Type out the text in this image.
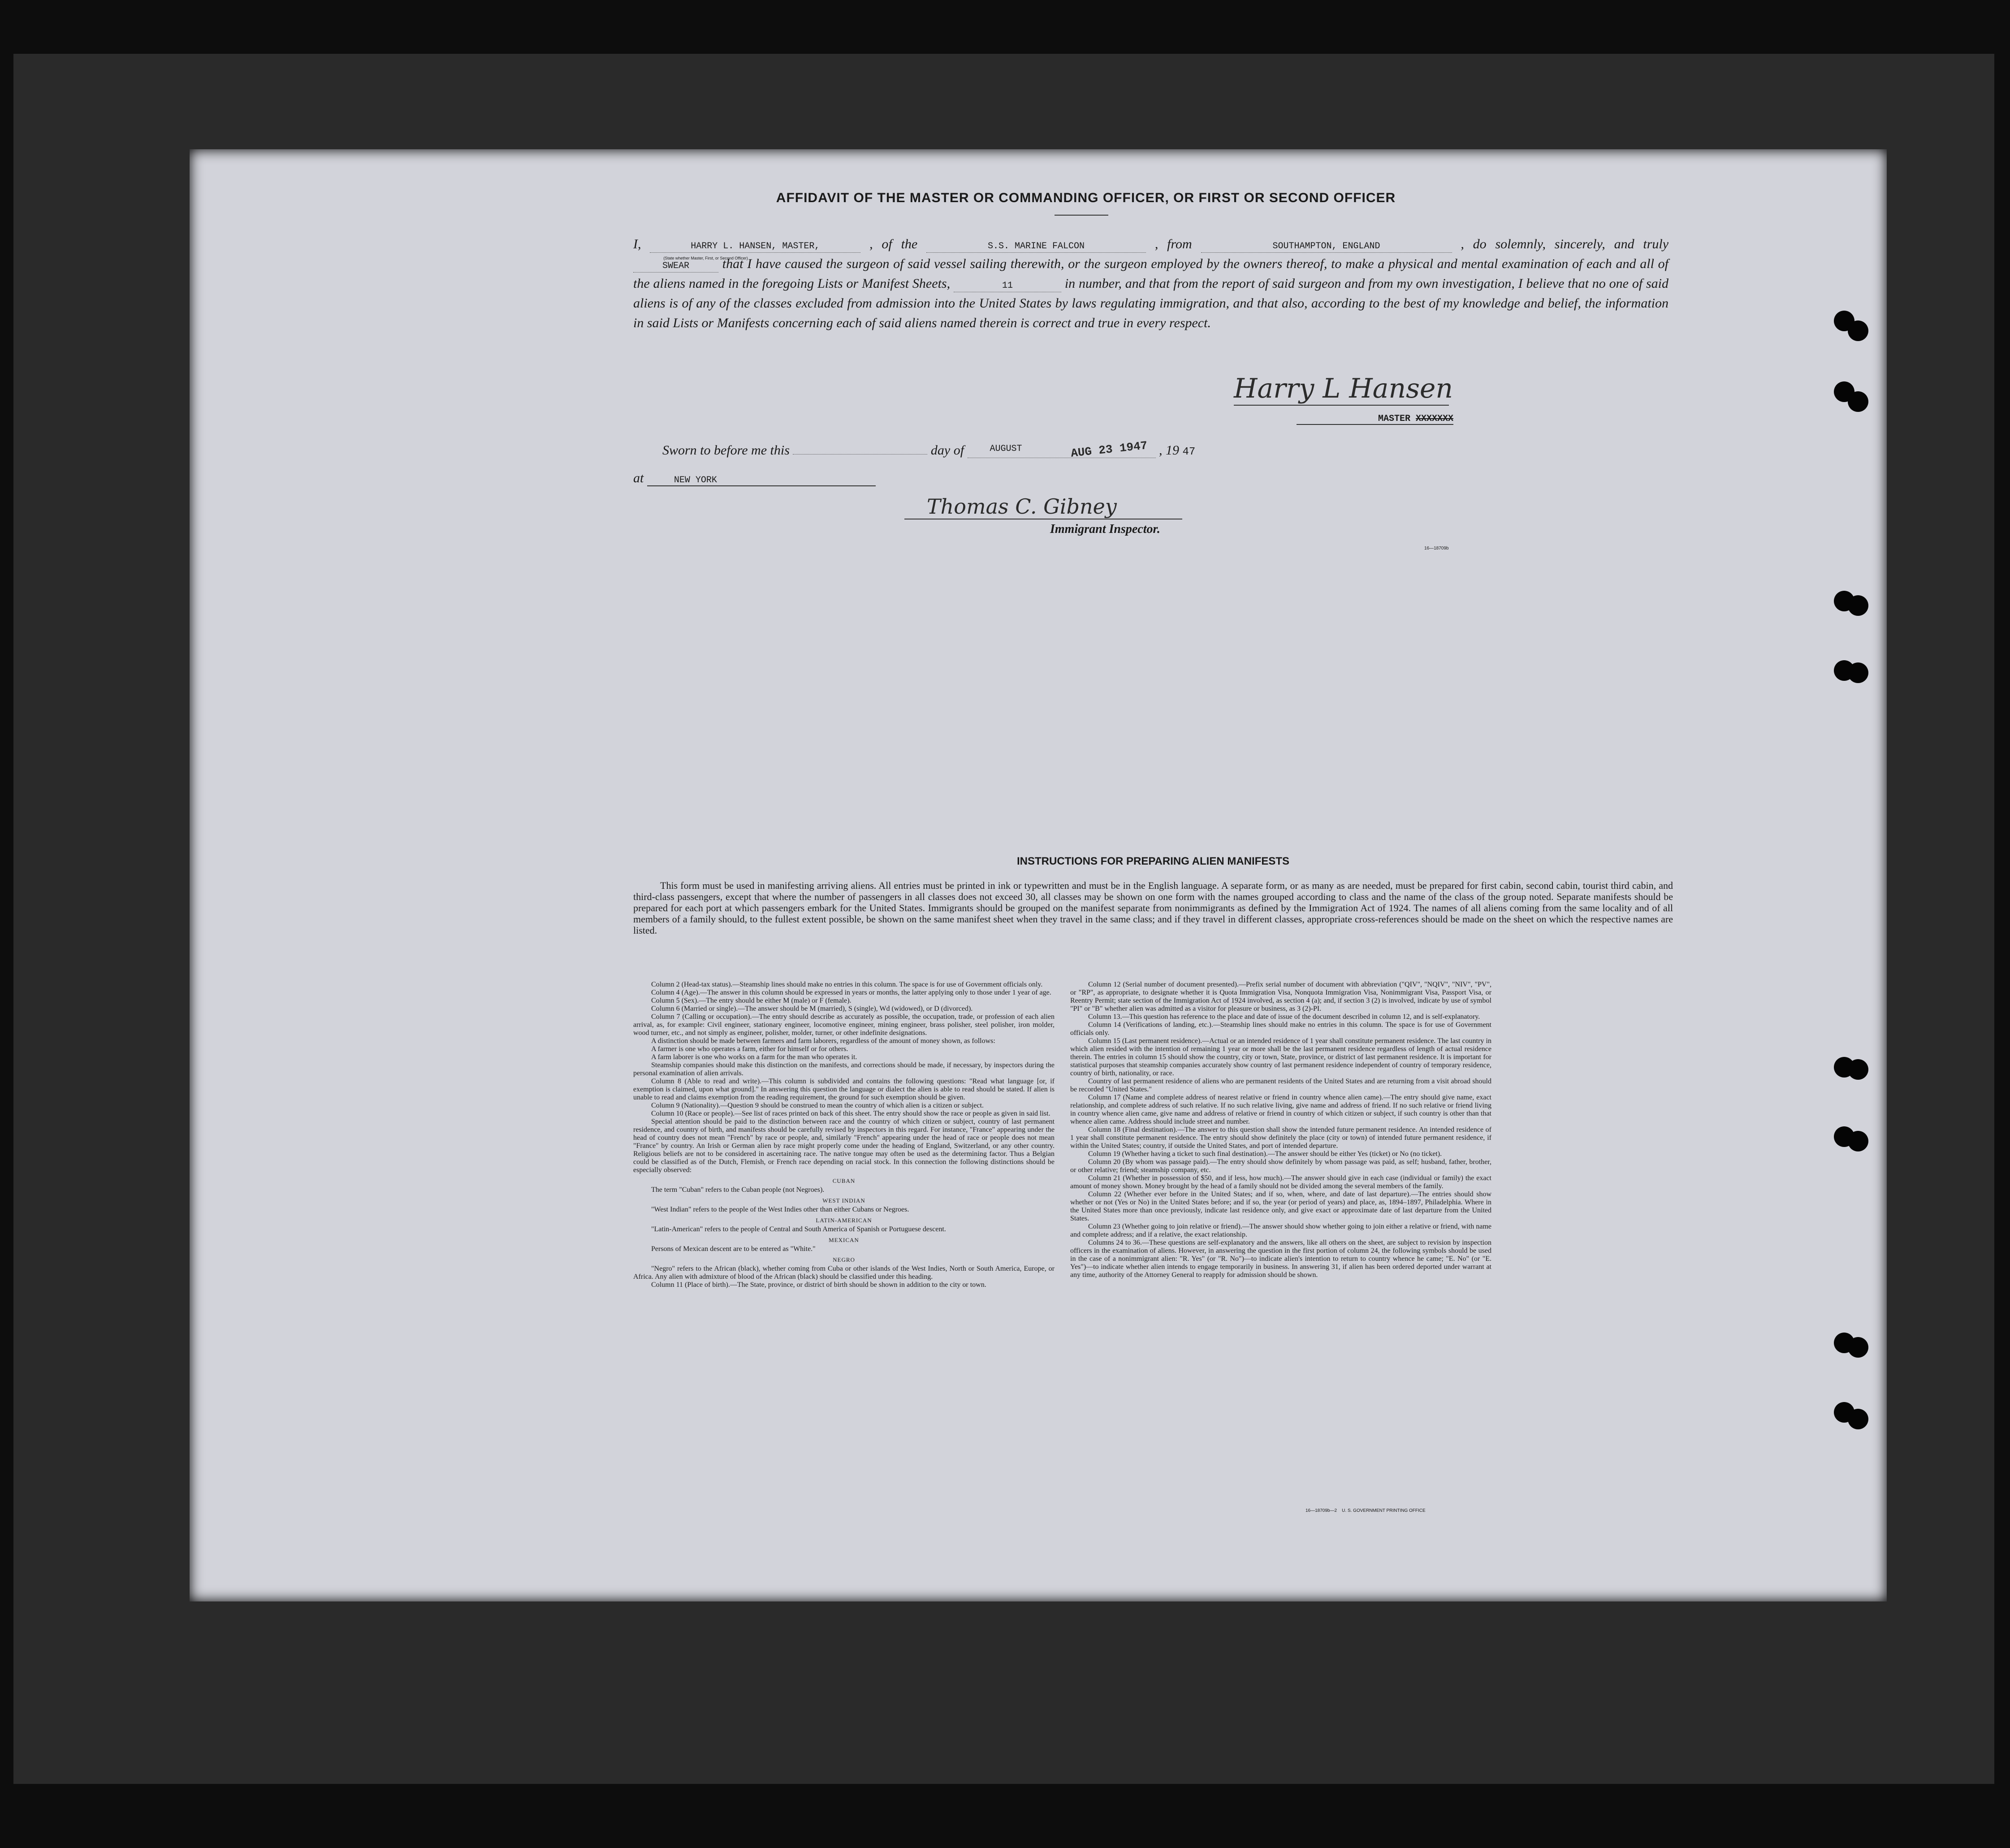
AFFIDAVIT OF THE MASTER OR COMMANDING OFFICER, OR FIRST OR SECOND OFFICER
I,	HARRY L. HANSEN, MASTER,
(State whether Master, First, or Second Officer)
, of the	S.S. MARINE FALCON	, from	SOUTHAMPTON, ENGLAND	, do solemnly, sincerely, and truly SWEAR that I have caused the surgeon of said vessel sailing therewith, or the surgeon employed by the owners thereof, to make a physical and mental examination of each and all of the aliens named in the foregoing Lists or Manifest Sheets,	11	in number, and that from the report of said surgeon and from my own investigation, I believe that no one of said aliens is of any of the classes excluded from admission into the United States by laws regulating immigration, and that also, according to the best of my knowledge and belief, the information in said Lists or Manifests concerning each of said aliens named therein is correct and true in every respect.
Harry L Hansen
MASTER XXXXXXX
Sworn to before me this	day of	AUGUST	AUG 23 1947 , 19 47
at	NEW YORK
Thomas C. Gibney
Immigrant Inspector.
16—18709b
INSTRUCTIONS FOR PREPARING ALIEN MANIFESTS
This form must be used in manifesting arriving aliens. All entries must be printed in ink or typewritten and must be in the English language. A separate form, or as many as are needed, must be prepared for first cabin, second cabin, tourist third cabin, and third-class passengers, except that where the number of passengers in all classes does not exceed 30, all classes may be shown on one form with the names grouped according to class and the name of the class of the group noted. Separate manifests should be prepared for each port at which passengers embark for the United States. Immigrants should be grouped on the manifest separate from nonimmigrants as defined by the Immigration Act of 1924. The names of all aliens coming from the same locality and of all members of a family should, to the fullest extent possible, be shown on the same manifest sheet when they travel in the same class; and if they travel in different classes, appropriate cross-references should be made on the sheet on which the respective names are listed.

Column 2 (Head-tax status).—Steamship lines should make no entries in this column. The space is for use of Government officials only.

Column 4 (Age).—The answer in this column should be expressed in years or months, the latter applying only to those under 1 year of age.

Column 5 (Sex).—The entry should be either M (male) or F (female).

Column 6 (Married or single).—The answer should be M (married), S (single), Wd (widowed), or D (divorced).

Column 7 (Calling or occupation).—The entry should describe as accurately as possible, the occupation, trade, or profession of each alien arrival, as, for example: Civil engineer, stationary engineer, locomotive engineer, mining engineer, brass polisher, steel polisher, iron molder, wood turner, etc., and not simply as engineer, polisher, molder, turner, or other indefinite designations.

A distinction should be made between farmers and farm laborers, regardless of the amount of money shown, as follows:

A farmer is one who operates a farm, either for himself or for others.

A farm laborer is one who works on a farm for the man who operates it.

Steamship companies should make this distinction on the manifests, and corrections should be made, if necessary, by inspectors during the personal examination of alien arrivals.

Column 8 (Able to read and write).—This column is subdivided and contains the following questions: "Read what language [or, if exemption is claimed, upon what ground]." In answering this question the language or dialect the alien is able to read should be stated. If alien is unable to read and claims exemption from the reading requirement, the ground for such exemption should be given.

Column 9 (Nationality).—Question 9 should be construed to mean the country of which alien is a citizen or subject.

Column 10 (Race or people).—See list of races printed on back of this sheet. The entry should show the race or people as given in said list.

Special attention should be paid to the distinction between race and the country of which citizen or subject, country of last permanent residence, and country of birth, and manifests should be carefully revised by inspectors in this regard. For instance, "France" appearing under the head of country does not mean "French" by race or people, and, similarly "French" appearing under the head of race or people does not mean "France" by country. An Irish or German alien by race might properly come under the heading of England, Switzerland, or any other country. Religious beliefs are not to be considered in ascertaining race. The native tongue may often be used as the determining factor. Thus a Belgian could be classified as of the Dutch, Flemish, or French race depending on racial stock. In this connection the following distinctions should be especially observed:

CUBAN

The term "Cuban" refers to the Cuban people (not Negroes).

WEST INDIAN

"West Indian" refers to the people of the West Indies other than either Cubans or Negroes.

LATIN-AMERICAN

"Latin-American" refers to the people of Central and South America of Spanish or Portuguese descent.

MEXICAN

Persons of Mexican descent are to be entered as "White."

NEGRO

"Negro" refers to the African (black), whether coming from Cuba or other islands of the West Indies, North or South America, Europe, or Africa. Any alien with admixture of blood of the African (black) should be classified under this heading.

Column 11 (Place of birth).—The State, province, or district of birth should be shown in addition to the city or town.

Column 12 (Serial number of document presented).—Prefix serial number of document with abbreviation ("QIV", "NQIV", "NIV", "PV", or "RP", as appropriate, to designate whether it is Quota Immigration Visa, Nonquota Immigration Visa, Nonimmigrant Visa, Passport Visa, or Reentry Permit; state section of the Immigration Act of 1924 involved, as section 4 (a); and, if section 3 (2) is involved, indicate by use of symbol "PI" or "B" whether alien was admitted as a visitor for pleasure or business, as 3 (2)-PI.

Column 13.—This question has reference to the place and date of issue of the document described in column 12, and is self-explanatory.

Column 14 (Verifications of landing, etc.).—Steamship lines should make no entries in this column. The space is for use of Government officials only.

Column 15 (Last permanent residence).—Actual or an intended residence of 1 year shall constitute permanent residence. The last country in which alien resided with the intention of remaining 1 year or more shall be the last permanent residence regardless of length of actual residence therein. The entries in column 15 should show the country, city or town, State, province, or district of last permanent residence. It is important for statistical purposes that steamship companies accurately show country of last permanent residence independent of country of temporary residence, country of birth, nationality, or race.

Country of last permanent residence of aliens who are permanent residents of the United States and are returning from a visit abroad should be recorded "United States."

Column 17 (Name and complete address of nearest relative or friend in country whence alien came).—The entry should give name, exact relationship, and complete address of such relative. If no such relative living, give name and address of friend. If no such relative or friend living in country whence alien came, give name and address of relative or friend in country of which citizen or subject, if such country is other than that whence alien came. Address should include street and number.

Column 18 (Final destination).—The answer to this question shall show the intended future permanent residence. An intended residence of 1 year shall constitute permanent residence. The entry should show definitely the place (city or town) of intended future permanent residence, if within the United States; country, if outside the United States, and port of intended departure.

Column 19 (Whether having a ticket to such final destination).—The answer should be either Yes (ticket) or No (no ticket).

Column 20 (By whom was passage paid).—The entry should show definitely by whom passage was paid, as self; husband, father, brother, or other relative; friend; steamship company, etc.

Column 21 (Whether in possession of $50, and if less, how much).—The answer should give in each case (individual or family) the exact amount of money shown. Money brought by the head of a family should not be divided among the several members of the family.

Column 22 (Whether ever before in the United States; and if so, when, where, and date of last departure).—The entries should show whether or not (Yes or No) in the United States before; and if so, the year (or period of years) and place, as, 1894–1897, Philadelphia. Where in the United States more than once previously, indicate last residence only, and give exact or approximate date of last departure from the United States.

Column 23 (Whether going to join relative or friend).—The answer should show whether going to join either a relative or friend, with name and complete address; and if a relative, the exact relationship.

Columns 24 to 36.—These questions are self-explanatory and the answers, like all others on the sheet, are subject to revision by inspection officers in the examination of aliens. However, in answering the question in the first portion of column 24, the following symbols should be used in the case of a nonimmigrant alien: "R. Yes" (or "R. No")—to indicate alien's intention to return to country whence he came; "E. No" (or "E. Yes")—to indicate whether alien intends to engage temporarily in business. In answering 31, if alien has been ordered deported under warrant at any time, authority of the Attorney General to reapply for admission should be shown.

16—18709b—2    U. S. GOVERNMENT PRINTING OFFICE
